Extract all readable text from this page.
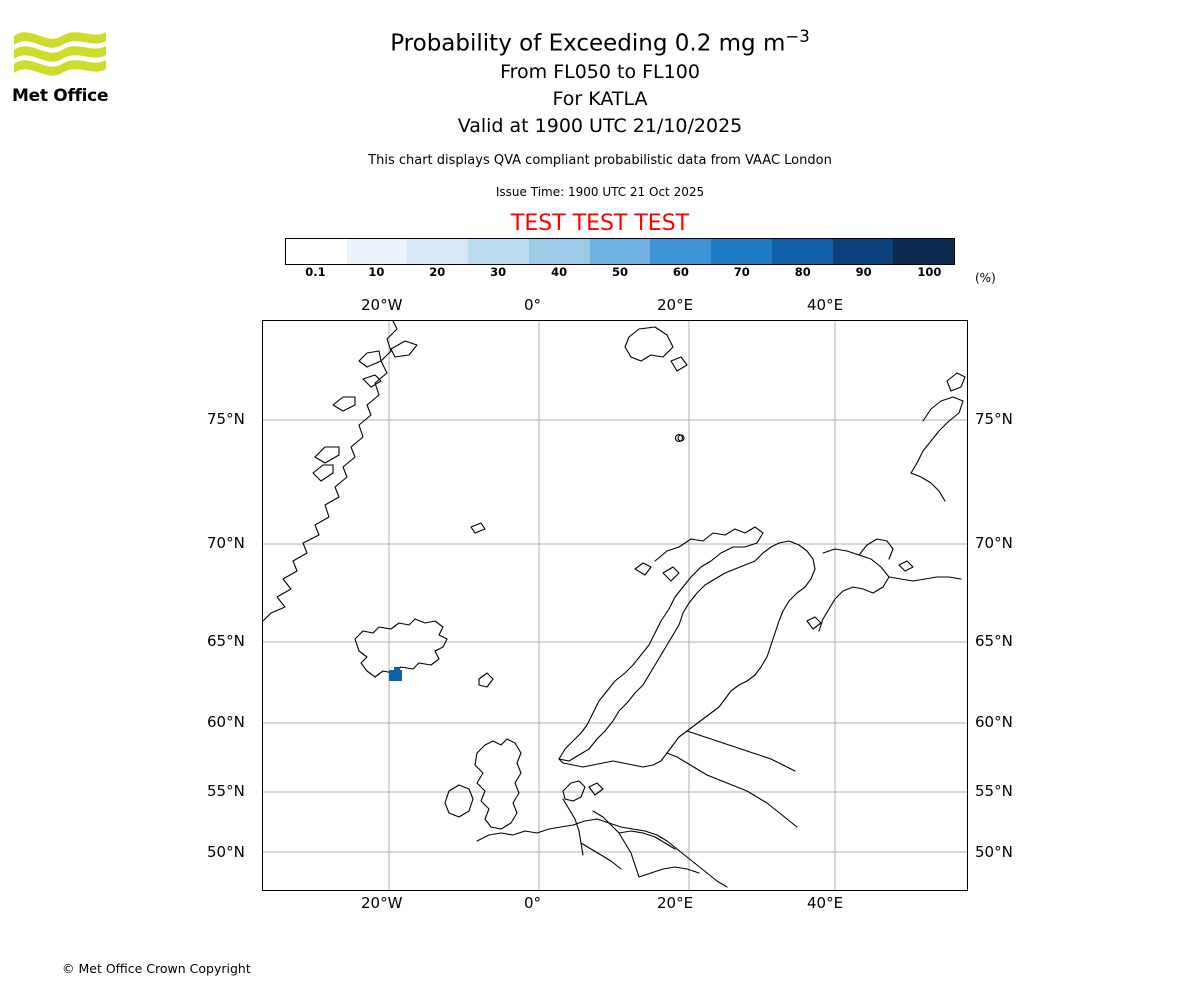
Met Office
Probability of Exceeding 0.2 mg $m^{-3}$
From FL050 to FL100
For KATLA
Valid at 1900 UTC 21/10/2025
This chart displays QVA compliant probabilistic data from VAAC London
Issue Time: 1900 UTC 21 Oct 2025
TEST TEST TEST
0.1	10	20	30	40	50	60	70	80	90	100	(%)
20°W	0°	20°E	40°E
20°W	0°	20°E	40°E
75°N
70°N
65°N
60°N
55°N
50°N
75°N
70°N
65°N
60°N
55°N
50°N
© Met Office Crown Copyright
